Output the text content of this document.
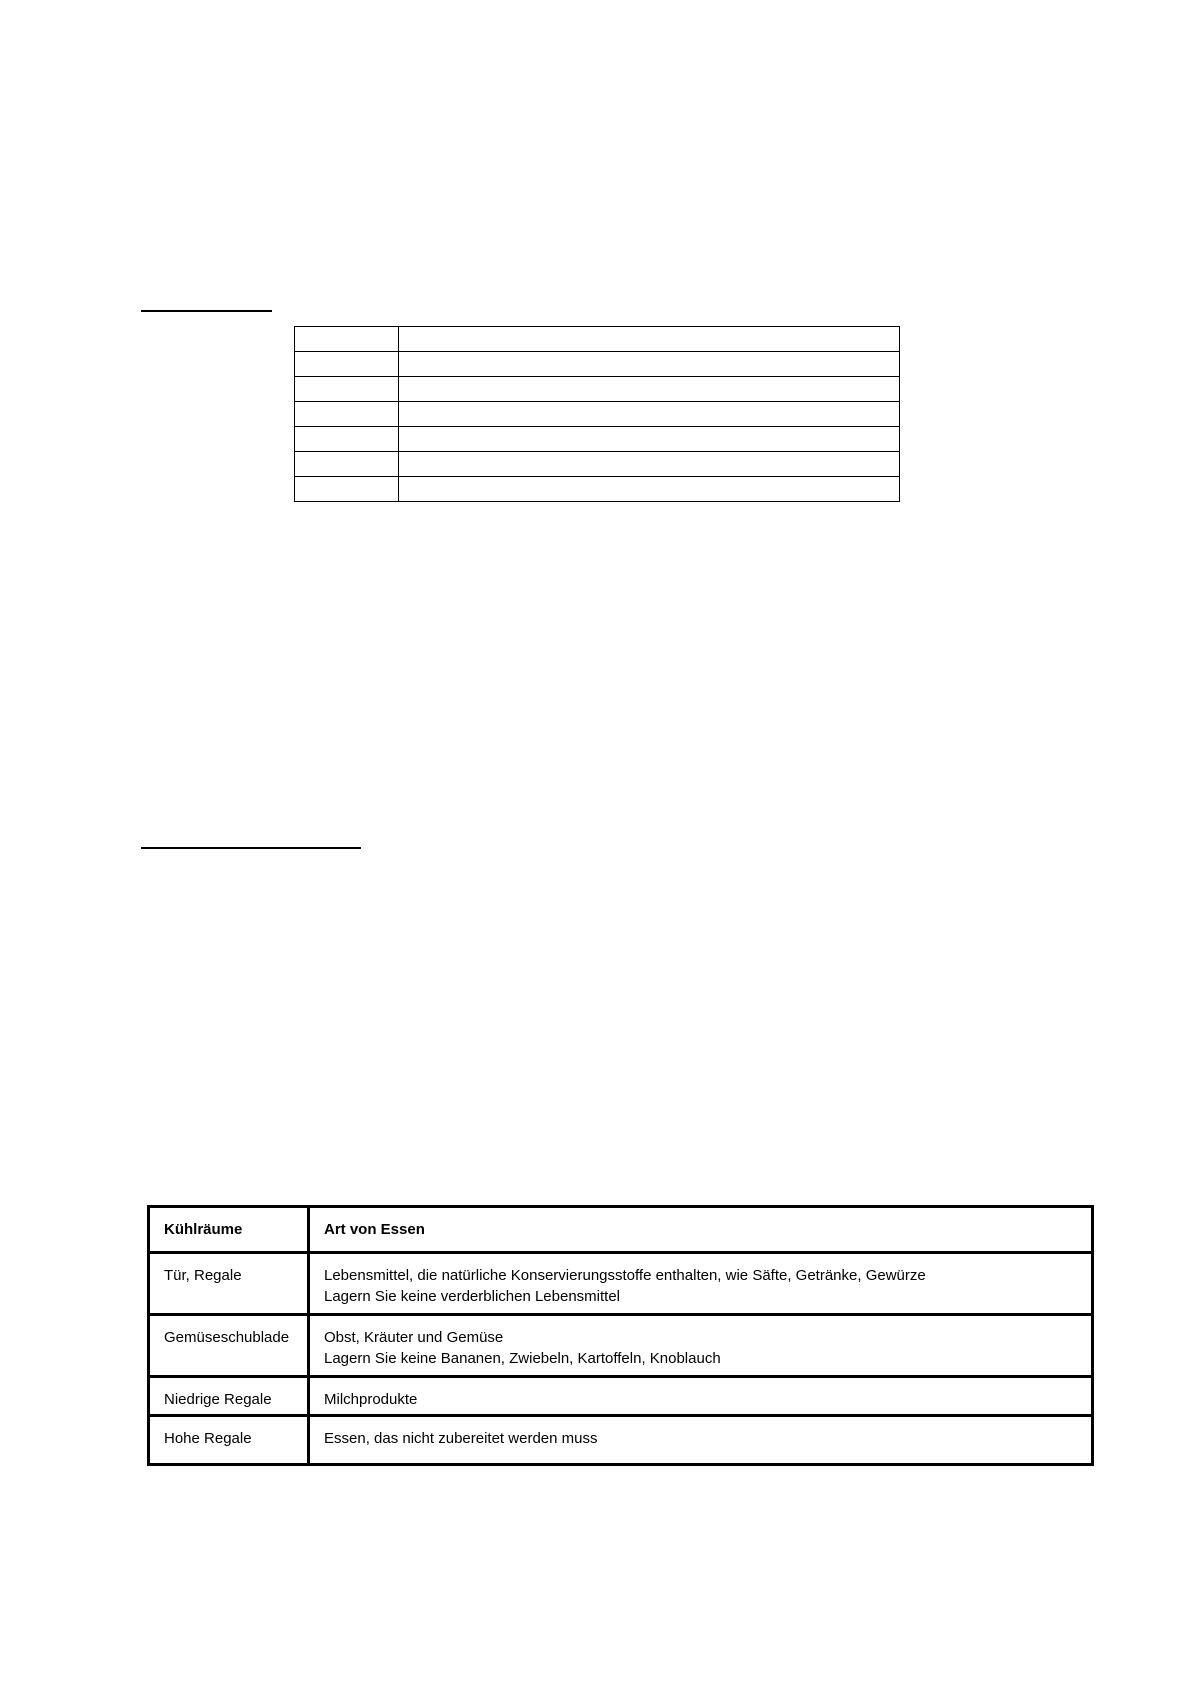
Kühlräume	Art von Essen
Tür, Regale	Lebensmittel, die natürliche Konservierungsstoffe enthalten, wie Säfte, Getränke, Gewürze
Lagern Sie keine verderblichen Lebensmittel

Gemüseschublade	Obst, Kräuter und Gemüse
Lagern Sie keine Bananen, Zwiebeln, Kartoffeln, Knoblauch

Niedrige Regale	Milchprodukte

Hohe Regale	Essen, das nicht zubereitet werden muss
